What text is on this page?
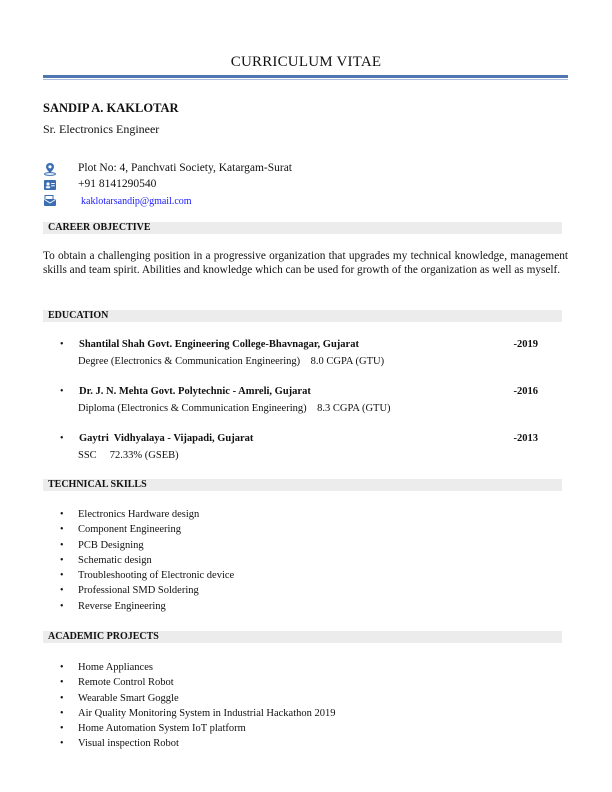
CURRICULUM VITAE
SANDIP A. KAKLOTAR
Sr. Electronics Engineer
Plot No: 4, Panchvati Society, Katargam-Surat
+91 8141290540
kaklotarsandip@gmail.com
CAREER OBJECTIVE
To obtain a challenging position in a progressive organization that upgrades my technical knowledge, management skills and team spirit. Abilities and knowledge which can be used for growth of the organization as well as myself.
EDUCATION
• Shantilal Shah Govt. Engineering College-Bhavnagar, Gujarat	-2019
Degree (Electronics & Communication Engineering)    8.0 CGPA (GTU)
• Dr. J. N. Mehta Govt. Polytechnic - Amreli, Gujarat	-2016
Diploma (Electronics & Communication Engineering)    8.3 CGPA (GTU)
• Gaytri  Vidhyalaya - Vijapadi, Gujarat	-2013
SSC     72.33% (GSEB)
TECHNICAL SKILLS
• Electronics Hardware design
• Component Engineering
• PCB Designing
• Schematic design
• Troubleshooting of Electronic device
• Professional SMD Soldering
• Reverse Engineering
ACADEMIC PROJECTS
• Home Appliances
• Remote Control Robot
• Wearable Smart Goggle
• Air Quality Monitoring System in Industrial Hackathon 2019
• Home Automation System IoT platform
• Visual inspection Robot
